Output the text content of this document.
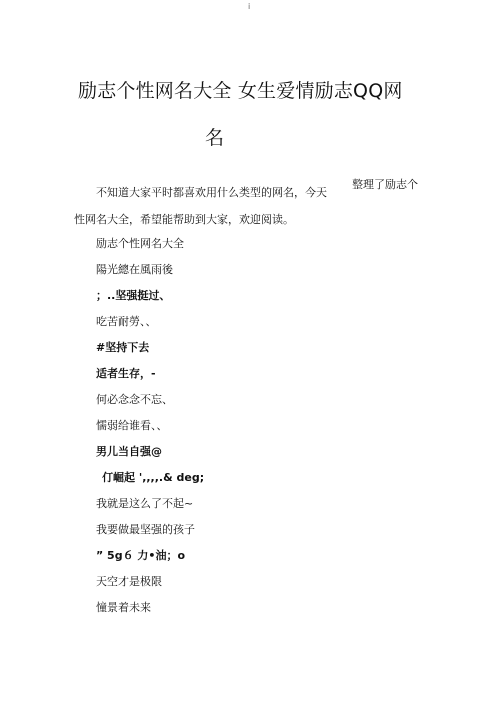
i
励志个性网名大全 女生爱情励志QQ网
名
整理了励志个
不知道大家平时都喜欢用什么类型的网名，今天
性网名大全，希望能帮助到大家，欢迎阅读。
励志个性网名大全
陽光總在風雨後
；..坚强挺过、
吃苦耐勞、、
#坚持下去
适者生存，-
何必念念不忘、
懦弱给谁看、、
男儿当自强@
仃崛起 ',,,,.& deg;
我就是这么了不起~
我要做最坚强的孩子
” 5g６ 力•油；o
天空才是极限
憧景着未来
